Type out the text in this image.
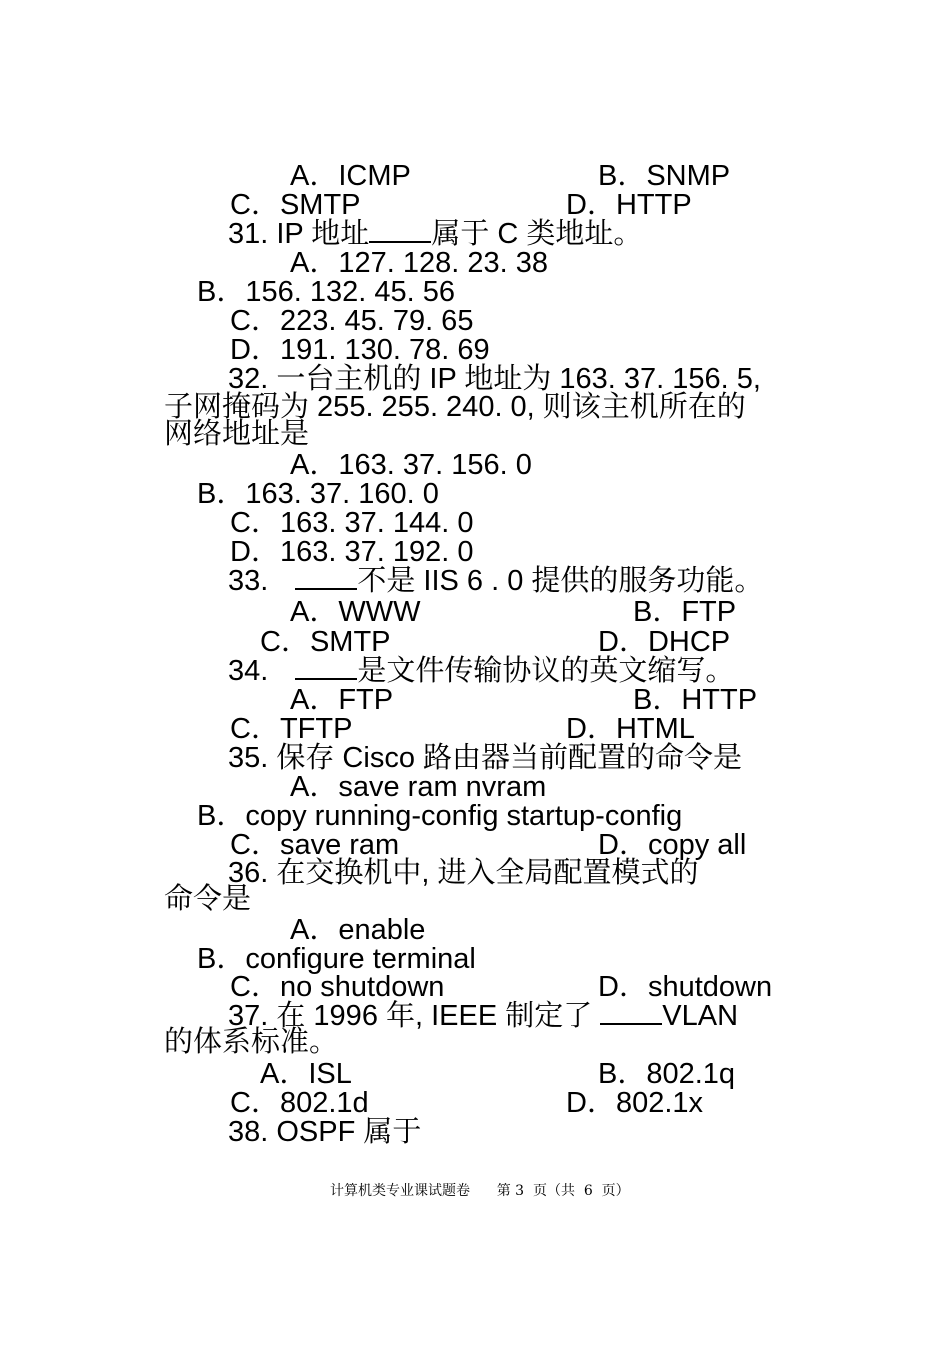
A．ICMP	B．SNMP
C．SMTP	D．HTTP
31. IP 地址 属于 C 类地址。
A．127. 128. 23. 38
B．156. 132. 45. 56
C．223. 45. 79. 65
D．191. 130. 78. 69
32. 一台主机的 IP 地址为 163. 37. 156. 5,
子网掩码为 255. 255. 240. 0, 则该主机所在的
网络地址是
A．163. 37. 156. 0
B．163. 37. 160. 0
C．163. 37. 144. 0
D．163. 37. 192. 0
33.	不是 IIS 6 . 0 提供的服务功能。
A．WWW	B．FTP
C．SMTP	D．DHCP
34.	是文件传输协议的英文缩写。
A．FTP	B．HTTP
C．TFTP	D．HTML
35. 保存 Cisco 路由器当前配置的命令是
A．save ram nvram
B．copy running-config startup-config
C．save ram	D．copy all
36. 在交换机中, 进入全局配置模式的
命令是
A．enable
B．configure terminal
C．no shutdown	D．shutdown
37. 在 1996 年, IEEE 制定了 VLAN
的体系标准。
A．ISL	B．802.1q
C．802.1d	D．802.1x
38. OSPF 属于
计算机类专业课试题卷      第 3  页（共  6  页）
